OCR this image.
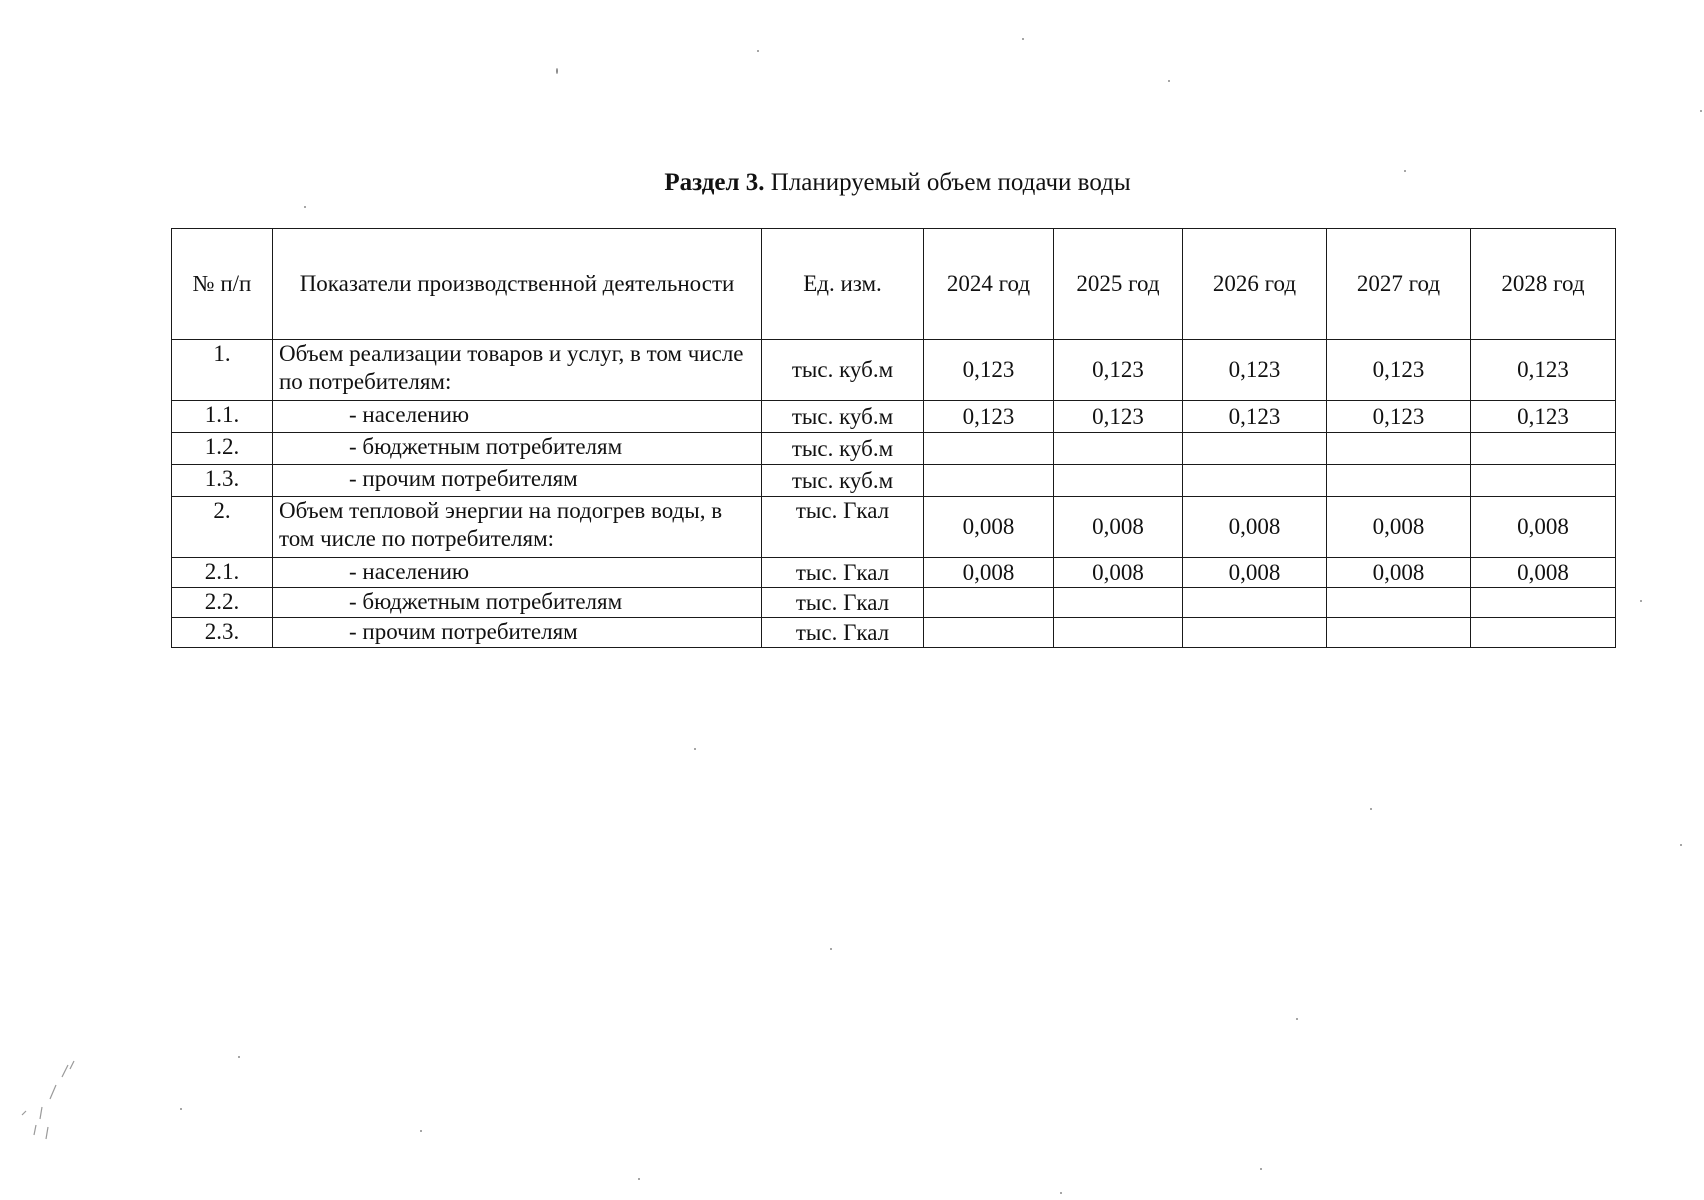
Раздел 3. Планируемый объем подачи воды
№ п/п	Показатели производственной деятельности	Ед. изм.	2024 год	2025 год	2026 год	2027 год	2028 год
1.	Объем реализации товаров и услуг, в том числе по потребителям:	тыс. куб.м	0,123	0,123	0,123	0,123	0,123
1.1.	- населению	тыс. куб.м	0,123	0,123	0,123	0,123	0,123
1.2.	- бюджетным потребителям	тыс. куб.м					
1.3.	- прочим потребителям	тыс. куб.м					
2.	Объем тепловой энергии на подогрев воды, в том числе по потребителям:	тыс. Гкал	0,008	0,008	0,008	0,008	0,008
2.1.	- населению	тыс. Гкал	0,008	0,008	0,008	0,008	0,008
2.2.	- бюджетным потребителям	тыс. Гкал					
2.3.	- прочим потребителям	тыс. Гкал					
